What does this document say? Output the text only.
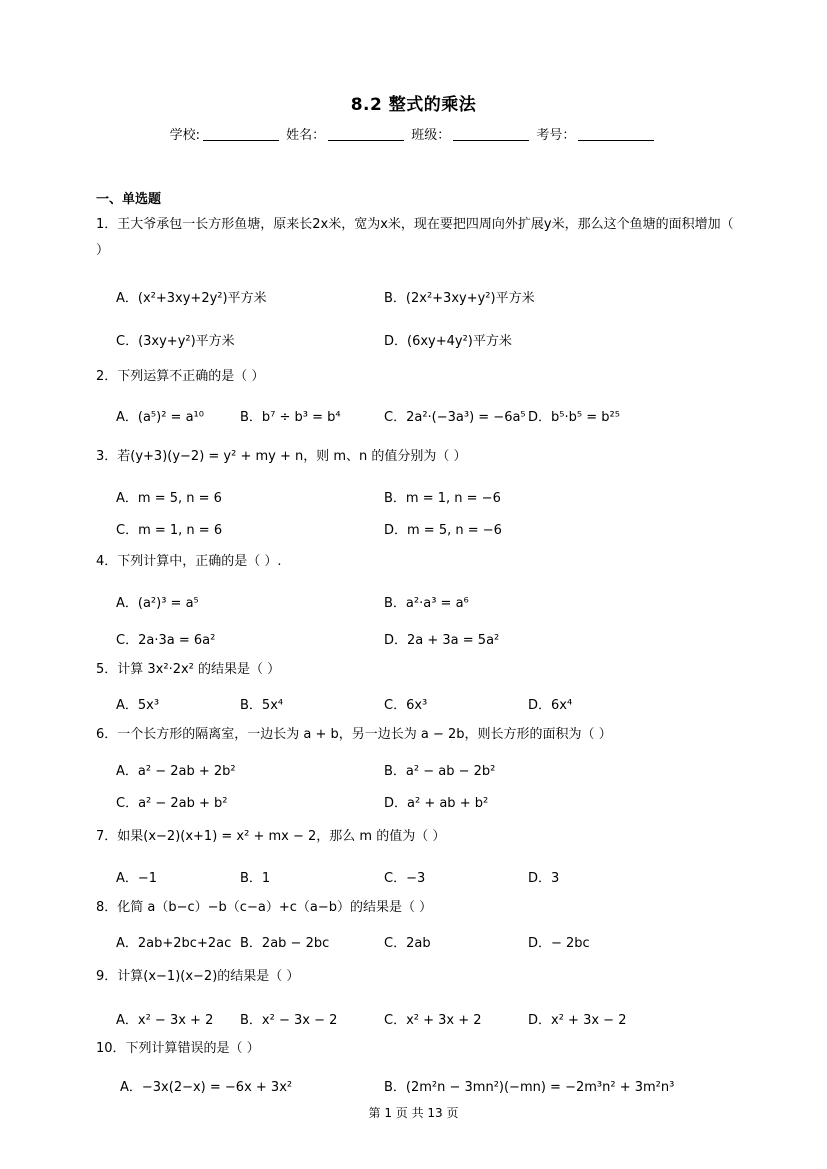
8.2 整式的乘法
学校:	姓名：	班级：	考号：
一、单选题
1．王大爷承包一长方形鱼塘，原来长2x米，宽为x米，现在要把四周向外扩展y米，那么这个鱼塘的面积增加（ ）
A．(x²+3xy+2y²)平方米	B．(2x²+3xy+y²)平方米
C．(3xy+y²)平方米	D．(6xy+4y²)平方米
2．下列运算不正确的是（ ）
A．(a⁵)² = a¹⁰	B．b⁷ ÷ b³ = b⁴	C．2a²·(−3a³) = −6a⁵ D．b⁵·b⁵ = b²⁵
3．若(y+3)(y−2) = y² + my + n，则 m、n 的值分别为（ ）
A．m = 5, n = 6	B．m = 1, n = −6
C．m = 1, n = 6	D．m = 5, n = −6
4．下列计算中，正确的是（ ）.
A．(a²)³ = a⁵	B．a²·a³ = a⁶
C．2a·3a = 6a²	D．2a + 3a = 5a²
5．计算 3x²·2x² 的结果是（ ）
A．5x³	B．5x⁴	C．6x³	D．6x⁴
6．一个长方形的隔离室，一边长为 a + b，另一边长为 a − 2b，则长方形的面积为（ ）
A．a² − 2ab + 2b²	B．a² − ab − 2b²
C．a² − 2ab + b²	D．a² + ab + b²
7．如果(x−2)(x+1) = x² + mx − 2，那么 m 的值为（ ）
A．−1	B．1	C．−3	D．3
8．化简 a（b−c）−b（c−a）+c（a−b）的结果是（ ）
A．2ab+2bc+2ac B．2ab − 2bc	C．2ab	D．− 2bc
9．计算(x−1)(x−2)的结果是（ ）
A．x² − 3x + 2 B．x² − 3x − 2	C．x² + 3x + 2	D．x² + 3x − 2
10．下列计算错误的是（ ）
A．−3x(2−x) = −6x + 3x²	B．(2m²n − 3mn²)(−mn) = −2m³n² + 3m²n³
第 1 页 共 13 页
